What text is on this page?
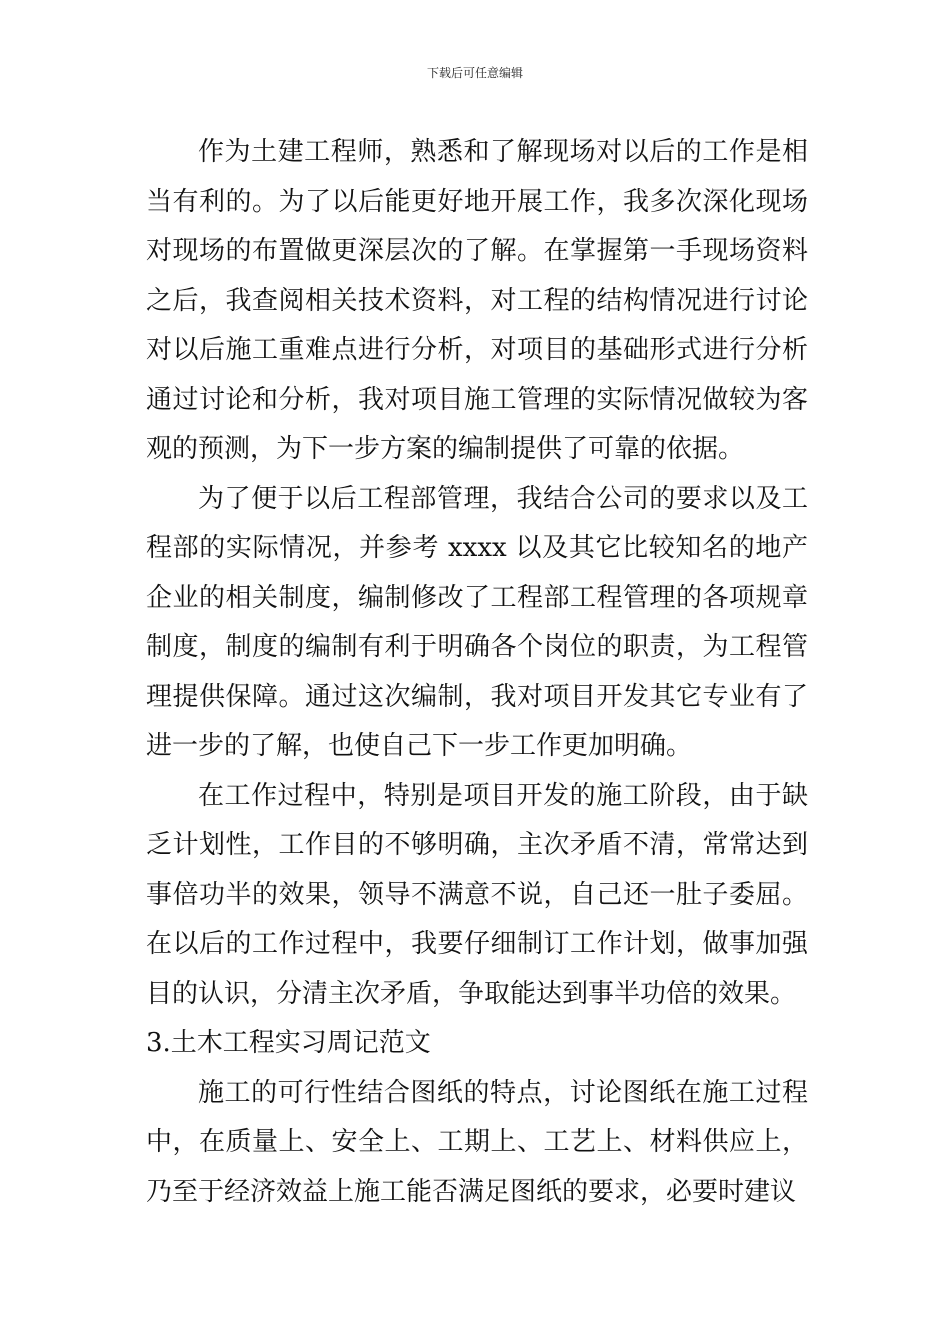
下载后可任意编辑

作为土建工程师，熟悉和了解现场对以后的工作是相当有利的。为了以后能更好地开展工作，我多次深化现场对现场的布置做更深层次的了解。在掌握第一手现场资料之后，我查阅相关技术资料，对工程的结构情况进行讨论对以后施工重难点进行分析，对项目的基础形式进行分析通过讨论和分析，我对项目施工管理的实际情况做较为客观的预测，为下一步方案的编制提供了可靠的依据。

为了便于以后工程部管理，我结合公司的要求以及工程部的实际情况，并参考 xxxx 以及其它比较知名的地产企业的相关制度，编制修改了工程部工程管理的各项规章制度，制度的编制有利于明确各个岗位的职责，为工程管理提供保障。通过这次编制，我对项目开发其它专业有了进一步的了解，也使自己下一步工作更加明确。

在工作过程中，特别是项目开发的施工阶段，由于缺乏计划性，工作目的不够明确，主次矛盾不清，常常达到事倍功半的效果，领导不满意不说，自己还一肚子委屈。在以后的工作过程中，我要仔细制订工作计划，做事加强目的认识，分清主次矛盾，争取能达到事半功倍的效果。

3.土木工程实习周记范文

施工的可行性结合图纸的特点，讨论图纸在施工过程中，在质量上、安全上、工期上、工艺上、材料供应上，乃至于经济效益上施工能否满足图纸的要求，必要时建议
